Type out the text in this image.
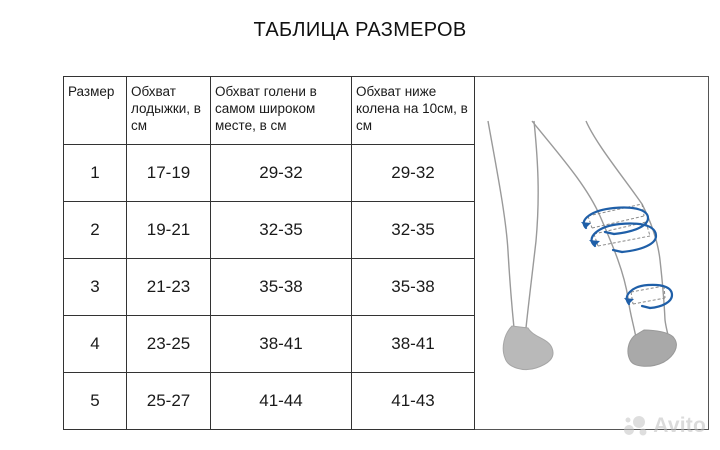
ТАБЛИЦА РАЗМЕРОВ
Размер	Обхват лодыжки, в см	Обхват голени в самом широком месте, в см	Обхват ниже колена на 10см, в см
1	17-19	29-32	29-32
2	19-21	32-35	32-35
3	21-23	35-38	35-38
4	23-25	38-41	38-41
5	25-27	41-44	41-43
Avito
